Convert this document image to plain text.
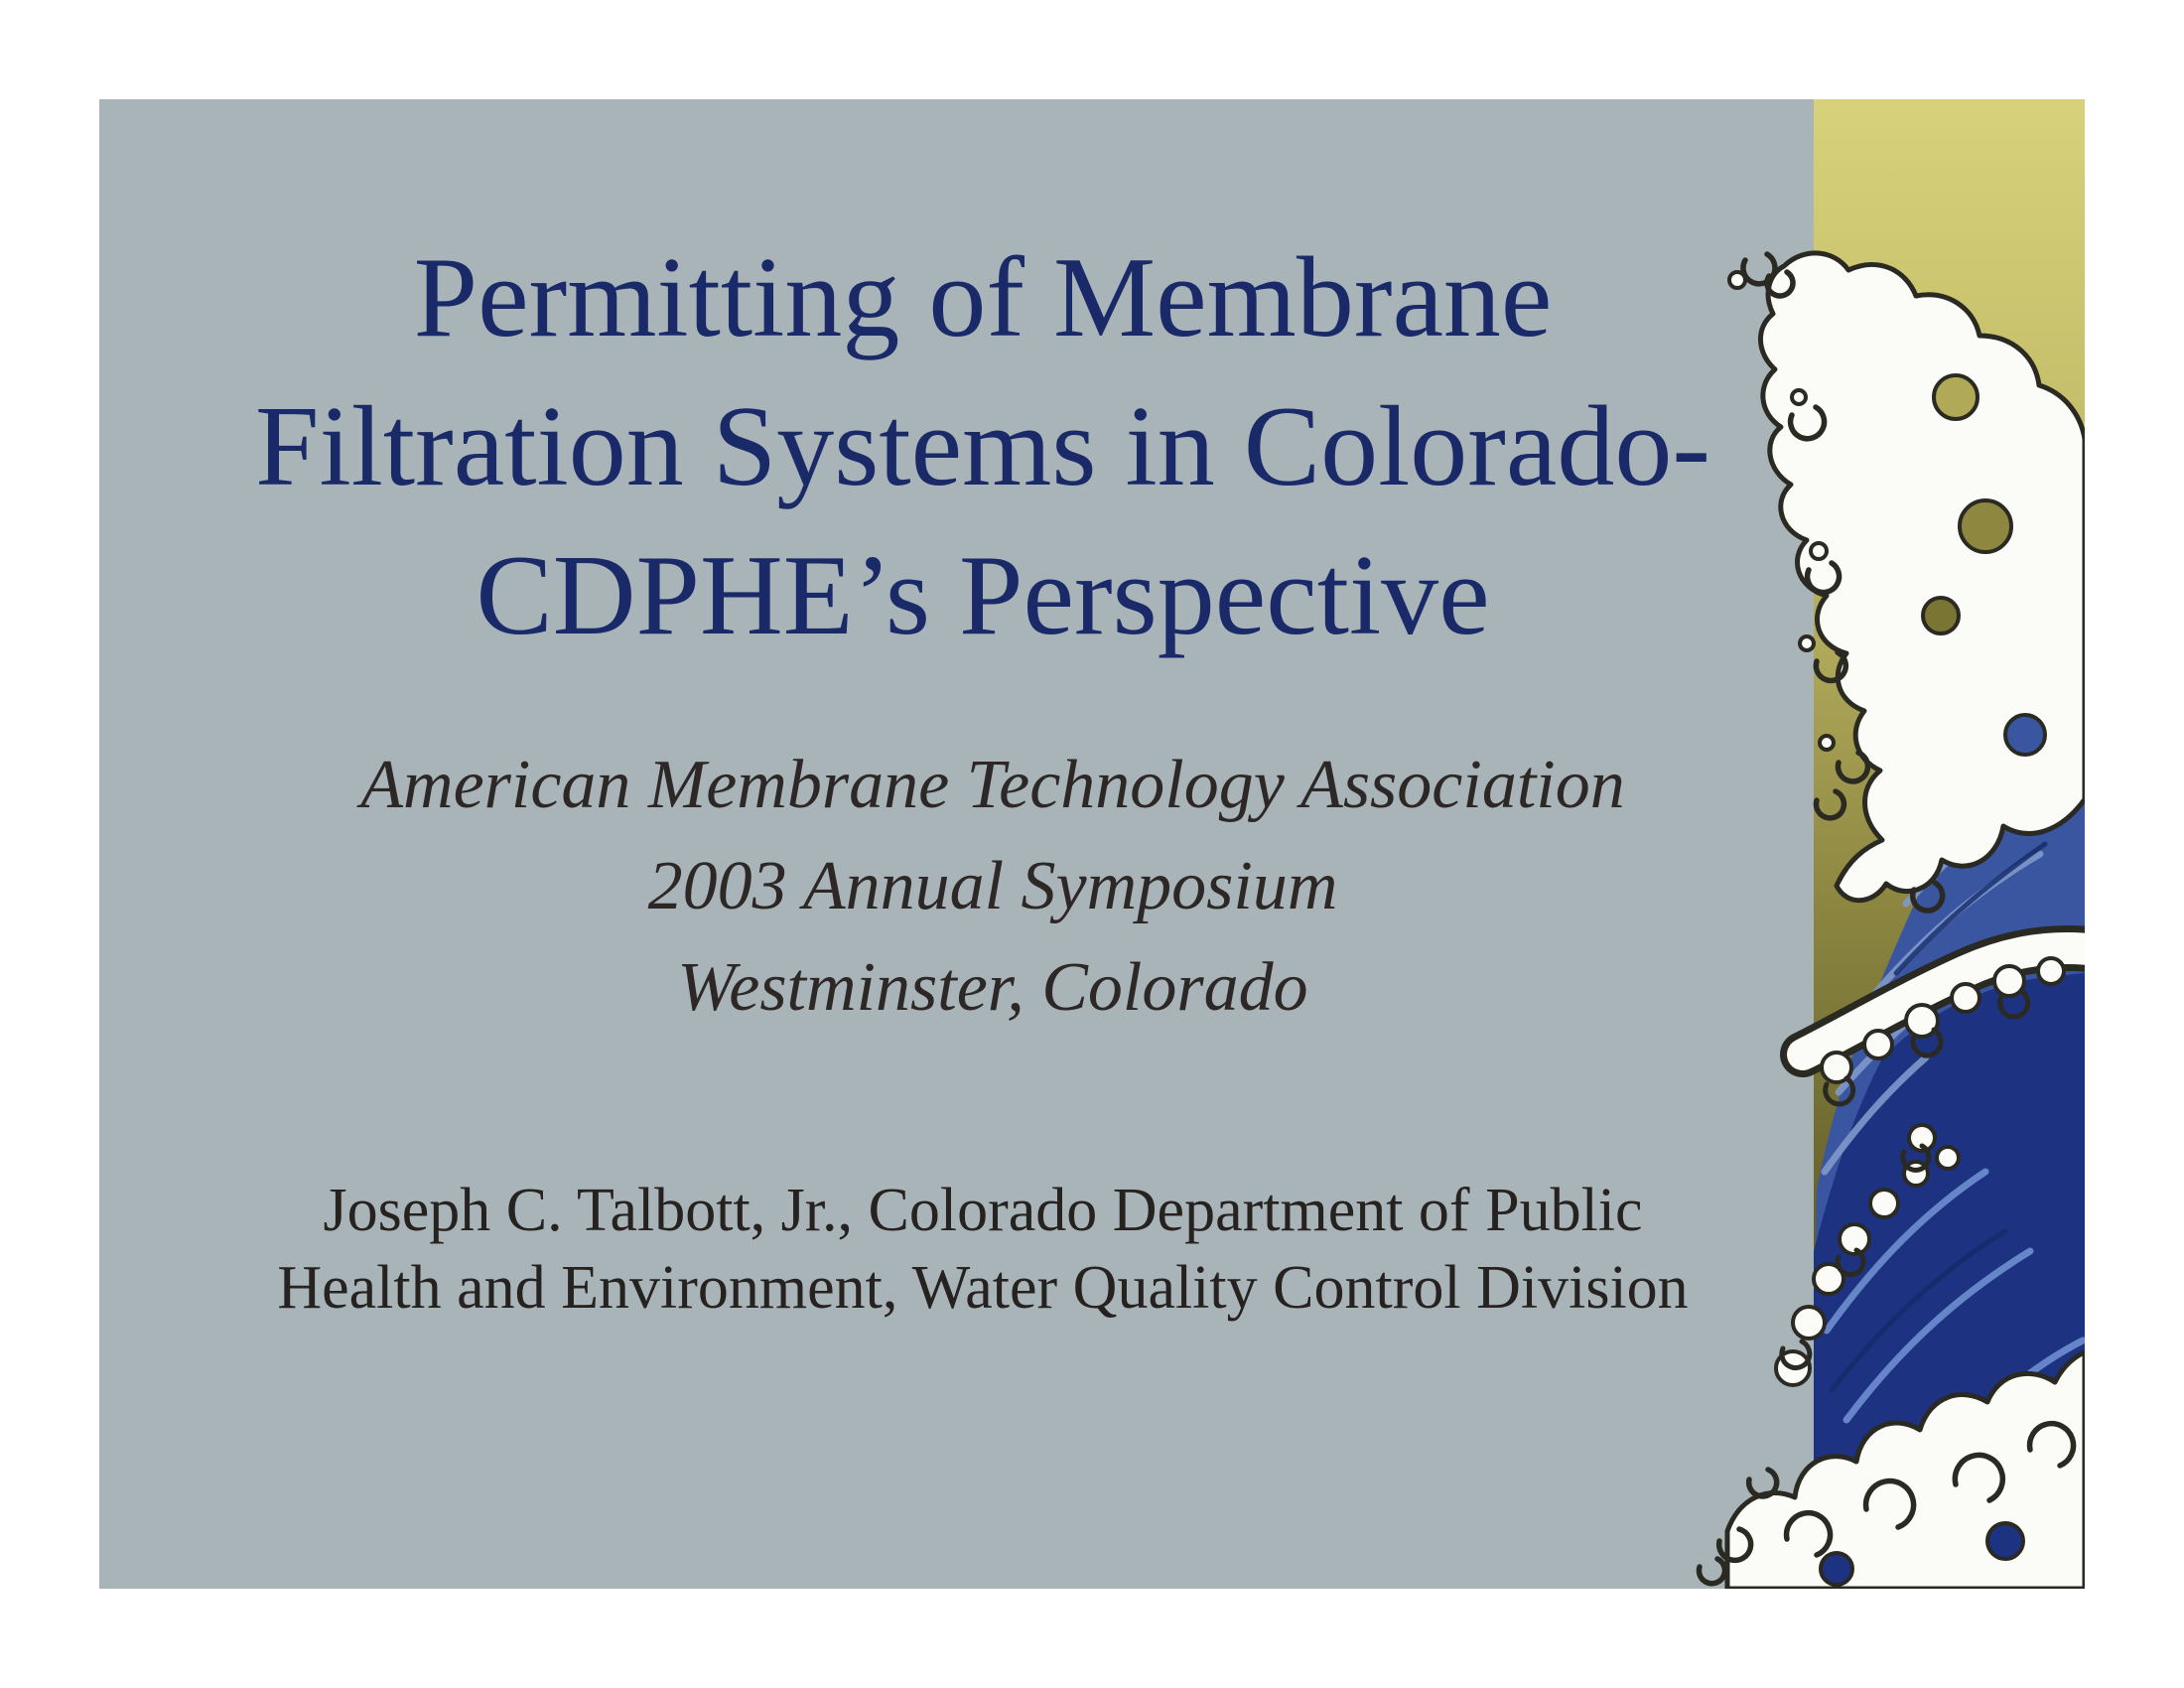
Permitting of Membrane
Filtration Systems in Colorado-
CDPHE’s Perspective
American Membrane Technology Association
2003 Annual Symposium
Westminster, Colorado
Joseph C. Talbott, Jr., Colorado Department of Public
Health and Environment, Water Quality Control Division
